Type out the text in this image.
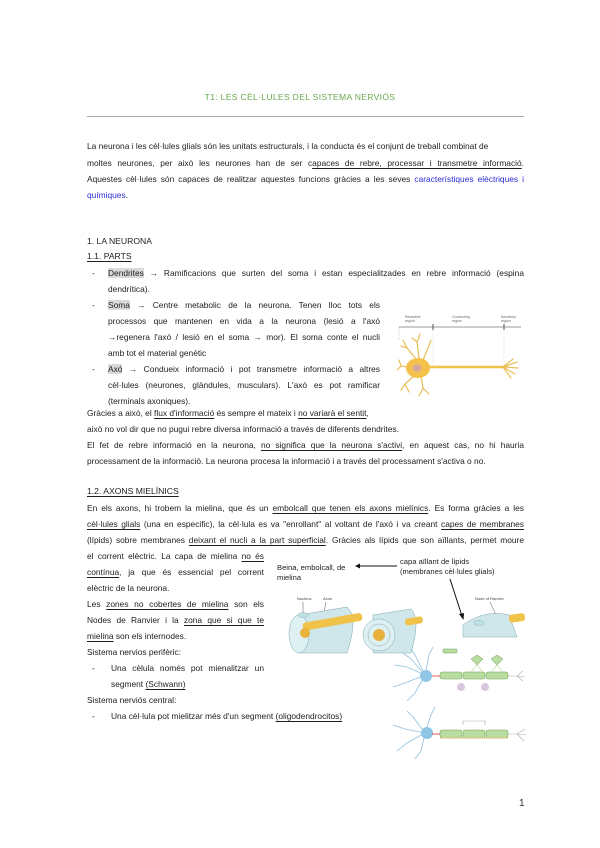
T1: LES CÈL·LULES DEL SISTEMA NERVIÓS
La neurona i les cèl·lules glials són les unitats estructurals, i la conducta és el conjunt de treball combinat de
moltes neurones, per això les neurones han de ser capaces de rebre, processar i transmetre informació.
Aquestes cèl·lules són capaces de realitzar aquestes funcions gràcies a les seves característiques elèctriques i
químiques.
1. LA NEURONA
1.1. PARTS
- Dendrites → Ramificacions que surten del soma i estan especialitzades en rebre informació (espina
dendrítica).
- Soma → Centre metabolic de la neurona. Tenen lloc tots els
processos que mantenen en vida a la neurona (lesió a l'axó
→regenera l'axó / lesió en el soma → mor). El soma conte el nucli
amb tot el material genètic
- Axó → Condueix informació i pot transmetre informació a altres
cèl·lules (neurones, glàndules, musculars). L'axó es pot ramificar
(terminals axoniques).
Receptive
region
Conducting
region
Secretory
region
Gràcies a això, el flux d'informació és sempre el mateix i no variarà el sentit,
això no vol dir que no pugui rebre diversa informació a través de diferents dendrites.
El fet de rebre informació en la neurona, no significa que la neurona s'activi, en aquest cas, no hi hauria
processament de la informació. La neurona procesa la informació i a través del processament s'activa o no.
1.2. AXONS MIELÍNICS
En els axons, hi trobem la mielina, que és un embolcall que tenen els axons mielínics. Es forma gràcies a les
cèl·lules glials (una en especific), la cèl·lula es va "enrollant" al voltant de l'axó i va creant capes de membranes
(lípids) sobre membranes deixant el nucli a la part superficial. Gràcies als lípids que son aïllants, permet moure
el corrent elèctric. La capa de mielina no és
contínua, ja que és essencial pel corrent
elèctric de la neurona.
Les zones no cobertes de mielina son els
Nodes de Ranvier i la zona que si que te
mielina son els internodes.
Sistema nervios perifèric:
- Una cèlula només pot mienalitzar un
segment (Schwann)
Sistema nerviós central:
- Una cèl·lula pot mielitzar més d'un segment (oligodendrocitos)
Beina, embolcall, de mielina
capa aïllant de lípids
(membranes cèl·lules glials)
Nucleus	Axon	Node of Ranvier
1
